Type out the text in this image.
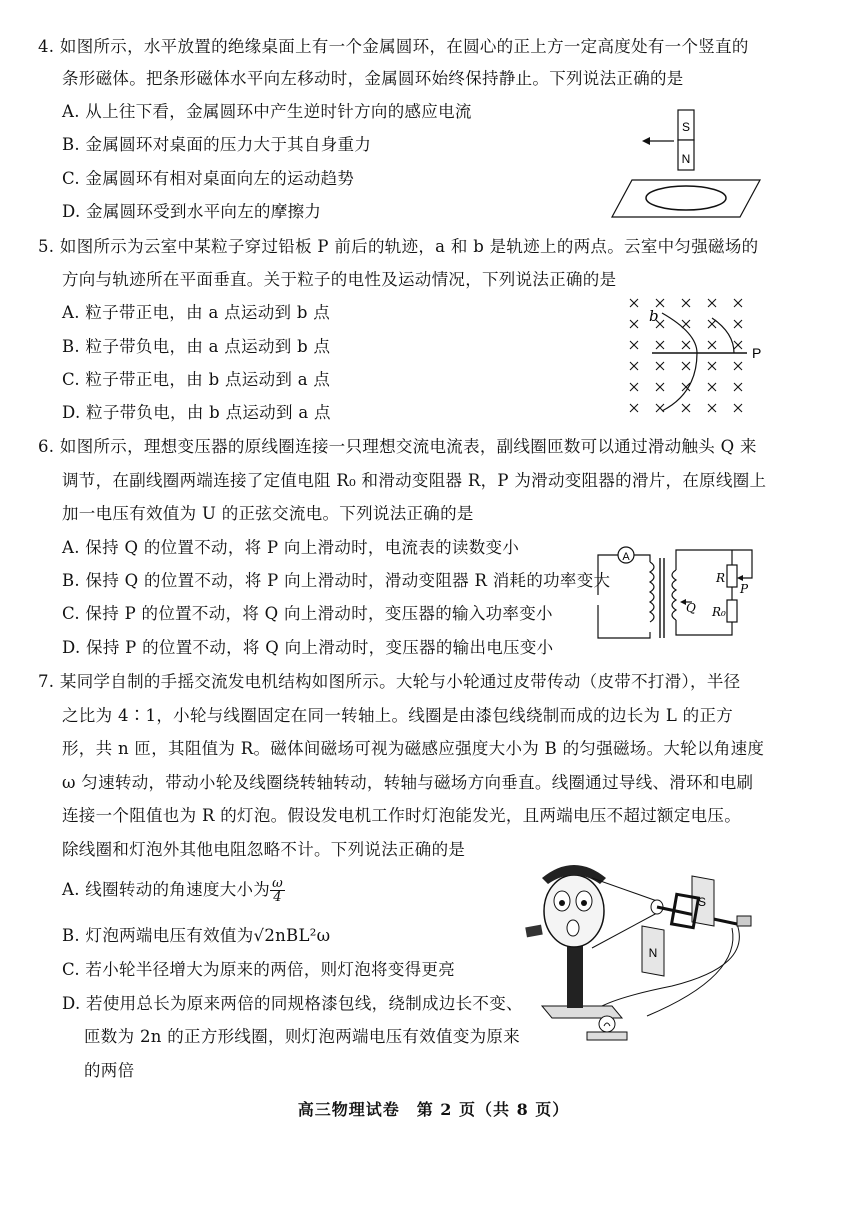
4. 如图所示，水平放置的绝缘桌面上有一个金属圆环，在圆心的正上方一定高度处有一个竖直的
条形磁体。把条形磁体水平向左移动时，金属圆环始终保持静止。下列说法正确的是
A. 从上往下看，金属圆环中产生逆时针方向的感应电流
B. 金属圆环对桌面的压力大于其自身重力
C. 金属圆环有相对桌面向左的运动趋势
D. 金属圆环受到水平向左的摩擦力
S
N
5. 如图所示为云室中某粒子穿过铅板 P 前后的轨迹，a 和 b 是轨迹上的两点。云室中匀强磁场的
方向与轨迹所在平面垂直。关于粒子的电性及运动情况，下列说法正确的是
A. 粒子带正电，由 a 点运动到 b 点
B. 粒子带负电，由 a 点运动到 b 点
C. 粒子带正电，由 b 点运动到 a 点
D. 粒子带负电，由 b 点运动到 a 点
b
P
6. 如图所示，理想变压器的原线圈连接一只理想交流电流表，副线圈匝数可以通过滑动触头 Q 来
调节，在副线圈两端连接了定值电阻 R₀ 和滑动变阻器 R，P 为滑动变阻器的滑片，在原线圈上
加一电压有效值为 U 的正弦交流电。下列说法正确的是
A. 保持 Q 的位置不动，将 P 向上滑动时，电流表的读数变小
B. 保持 Q 的位置不动，将 P 向上滑动时，滑动变阻器 R 消耗的功率变大
C. 保持 P 的位置不动，将 Q 向上滑动时，变压器的输入功率变小
D. 保持 P 的位置不动，将 Q 向上滑动时，变压器的输出电压变小
A
Q
R
P
R₀
7. 某同学自制的手摇交流发电机结构如图所示。大轮与小轮通过皮带传动（皮带不打滑），半径
之比为 4∶1，小轮与线圈固定在同一转轴上。线圈是由漆包线绕制而成的边长为 L 的正方
形，共 n 匝，其阻值为 R。磁体间磁场可视为磁感应强度大小为 B 的匀强磁场。大轮以角速度
ω 匀速转动，带动小轮及线圈绕转轴转动，转轴与磁场方向垂直。线圈通过导线、滑环和电刷
连接一个阻值也为 R 的灯泡。假设发电机工作时灯泡能发光，且两端电压不超过额定电压。
除线圈和灯泡外其他电阻忽略不计。下列说法正确的是
A. 线圈转动的角速度大小为 $\frac{\omega}{4}$
B. 灯泡两端电压有效值为√2nBL²ω
C. 若小轮半径增大为原来的两倍，则灯泡将变得更亮
D. 若使用总长为原来两倍的同规格漆包线，绕制成边长不变、
匝数为 2n 的正方形线圈，则灯泡两端电压有效值变为原来
的两倍
S
N
高三物理试卷　第 2 页（共 8 页）
